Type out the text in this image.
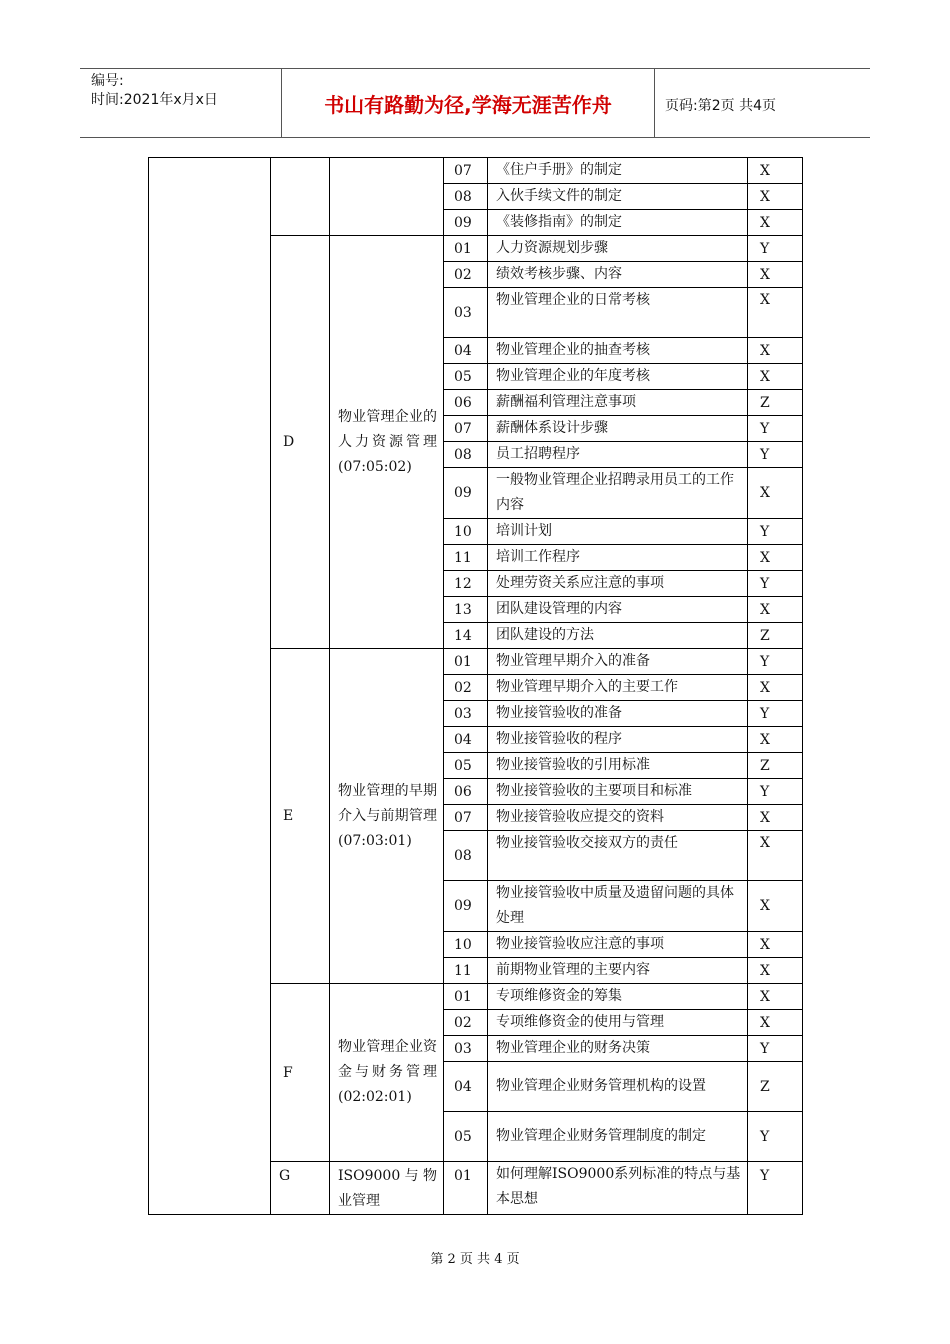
编号:
时间:2021年x月x日	书山有路勤为径,学海无涯苦作舟	页码:第2页 共4页
			07	《住户手册》的制定	X
			08	入伙手续文件的制定	X
			09	《装修指南》的制定	X
	D	物业管理企业的人力资源管理(07:05:02)	01	人力资源规划步骤	Y
			02	绩效考核步骤、内容	X
			03	物业管理企业的日常考核	X
			04	物业管理企业的抽查考核	X
			05	物业管理企业的年度考核	X
			06	薪酬福利管理注意事项	Z
			07	薪酬体系设计步骤	Y
			08	员工招聘程序	Y
			09	一般物业管理企业招聘录用员工的工作内容	X
			10	培训计划	Y
			11	培训工作程序	X
			12	处理劳资关系应注意的事项	Y
			13	团队建设管理的内容	X
			14	团队建设的方法	Z
	E	物业管理的早期介入与前期管理(07:03:01)	01	物业管理早期介入的准备	Y
			02	物业管理早期介入的主要工作	X
			03	物业接管验收的准备	Y
			04	物业接管验收的程序	X
			05	物业接管验收的引用标准	Z
			06	物业接管验收的主要项目和标准	Y
			07	物业接管验收应提交的资料	X
			08	物业接管验收交接双方的责任	X
			09	物业接管验收中质量及遗留问题的具体处理	X
			10	物业接管验收应注意的事项	X
			11	前期物业管理的主要内容	X
	F	物业管理企业资金与财务管理(02:02:01)	01	专项维修资金的筹集	X
			02	专项维修资金的使用与管理	X
			03	物业管理企业的财务决策	Y
			04	物业管理企业财务管理机构的设置	Z
			05	物业管理企业财务管理制度的制定	Y
	G	ISO9000与物业管理	01	如何理解ISO9000系列标准的特点与基本思想	Y
第 2 页 共 4 页
